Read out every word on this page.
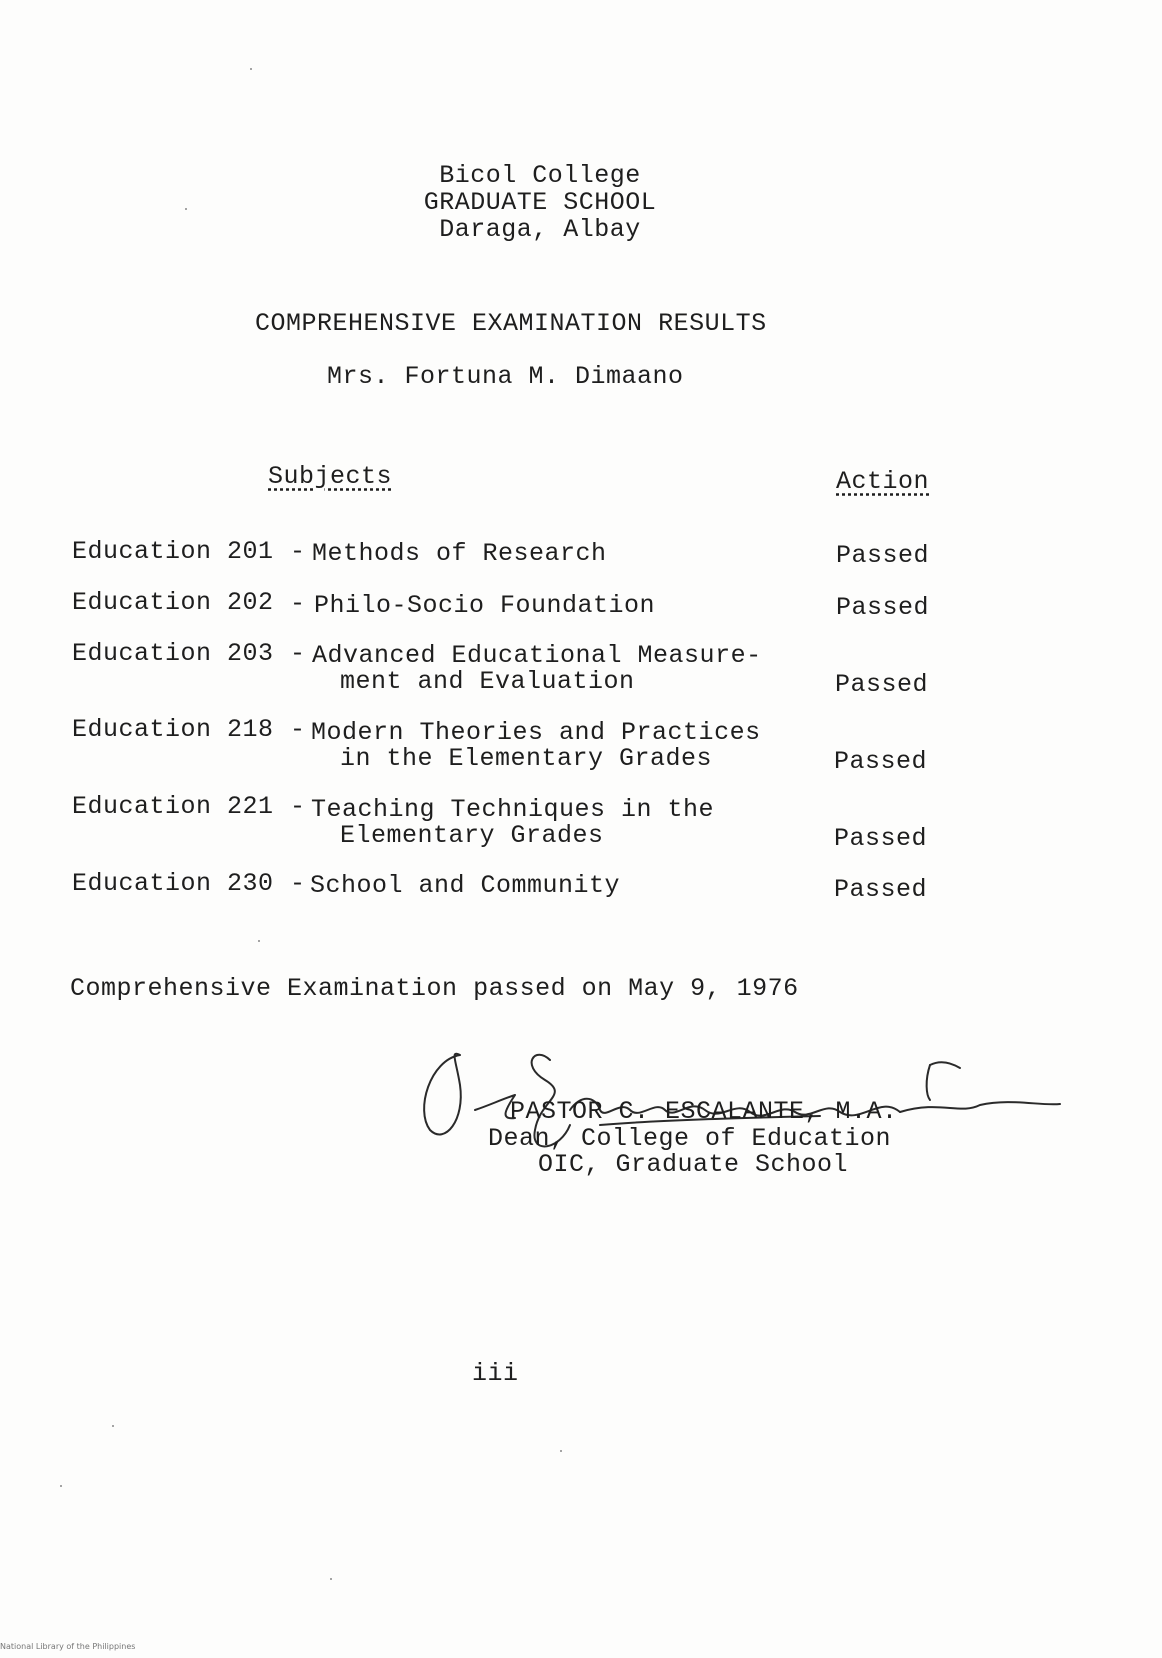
Bicol College
GRADUATE SCHOOL
Daraga, Albay
COMPREHENSIVE EXAMINATION RESULTS
Mrs. Fortuna M. Dimaano
Subjects	Action
Education 201 - Methods of Research	Passed
Education 202 - Philo-Socio Foundation	Passed
Education 203 - Advanced Educational Measure-
ment and Evaluation	Passed
Education 218 - Modern Theories and Practices
in the Elementary Grades	Passed
Education 221 - Teaching Techniques in the
Elementary Grades	Passed
Education 230 - School and Community	Passed
Comprehensive Examination passed on May 9, 1976
PASTOR C. ESCALANTE, M.A.
Dean, College of Education
OIC, Graduate School
iii
National Library of the Philippines
